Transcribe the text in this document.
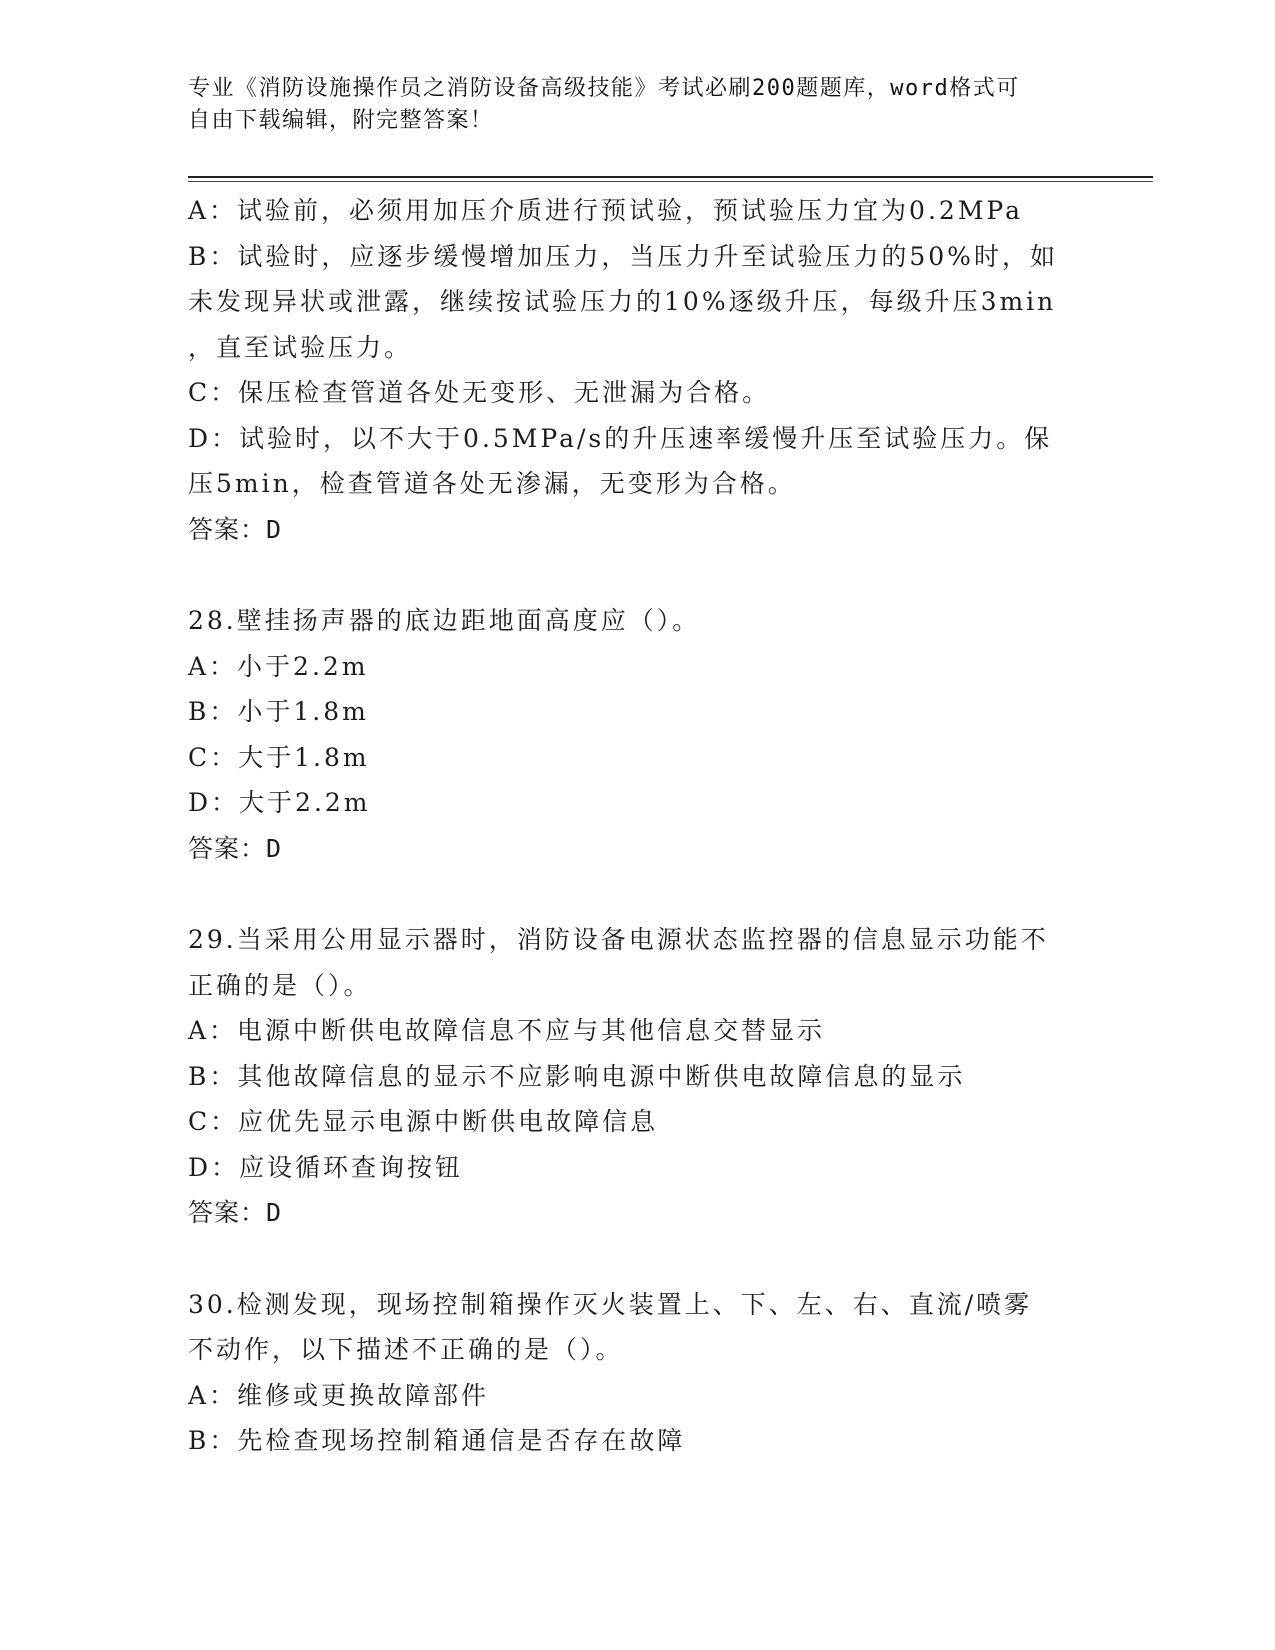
专业《消防设施操作员之消防设备高级技能》考试必刷200题题库，word格式可

自由下载编辑，附完整答案！

A：试验前，必须用加压介质进行预试验，预试验压力宜为0.2MPa

B：试验时，应逐步缓慢增加压力，当压力升至试验压力的50%时，如

未发现异状或泄露，继续按试验压力的10%逐级升压，每级升压3min

，直至试验压力。

C：保压检查管道各处无变形、无泄漏为合格。

D：试验时，以不大于0.5MPa/s的升压速率缓慢升压至试验压力。保

压5min，检查管道各处无渗漏，无变形为合格。

答案：D

28.壁挂扬声器的底边距地面高度应（）。

A：小于2.2m

B：小于1.8m

C：大于1.8m

D：大于2.2m

答案：D

29.当采用公用显示器时，消防设备电源状态监控器的信息显示功能不

正确的是（）。

A：电源中断供电故障信息不应与其他信息交替显示

B：其他故障信息的显示不应影响电源中断供电故障信息的显示

C：应优先显示电源中断供电故障信息

D：应设循环查询按钮

答案：D

30.检测发现，现场控制箱操作灭火装置上、下、左、右、直流/喷雾

不动作，以下描述不正确的是（）。

A：维修或更换故障部件

B：先检查现场控制箱通信是否存在故障
